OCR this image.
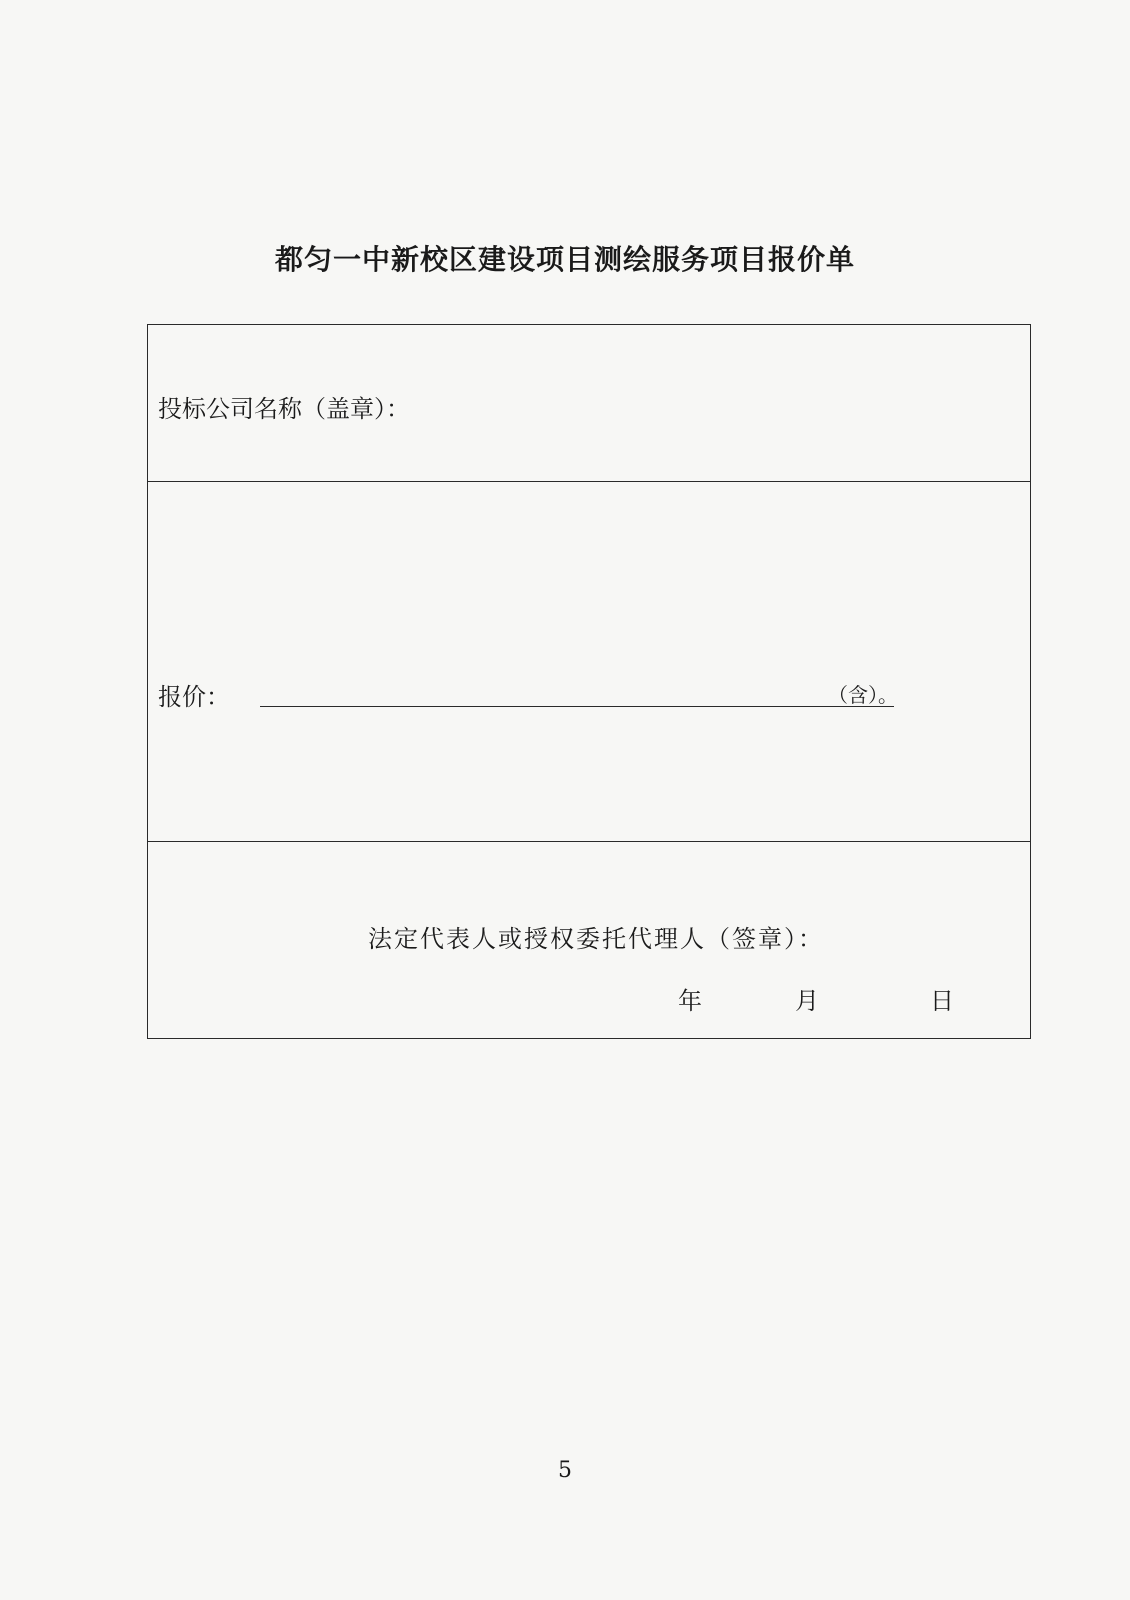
都匀一中新校区建设项目测绘服务项目报价单
投标公司名称（盖章）：
报价：	（含）。
法定代表人或授权委托代理人（签章）：
年	月	日
5
